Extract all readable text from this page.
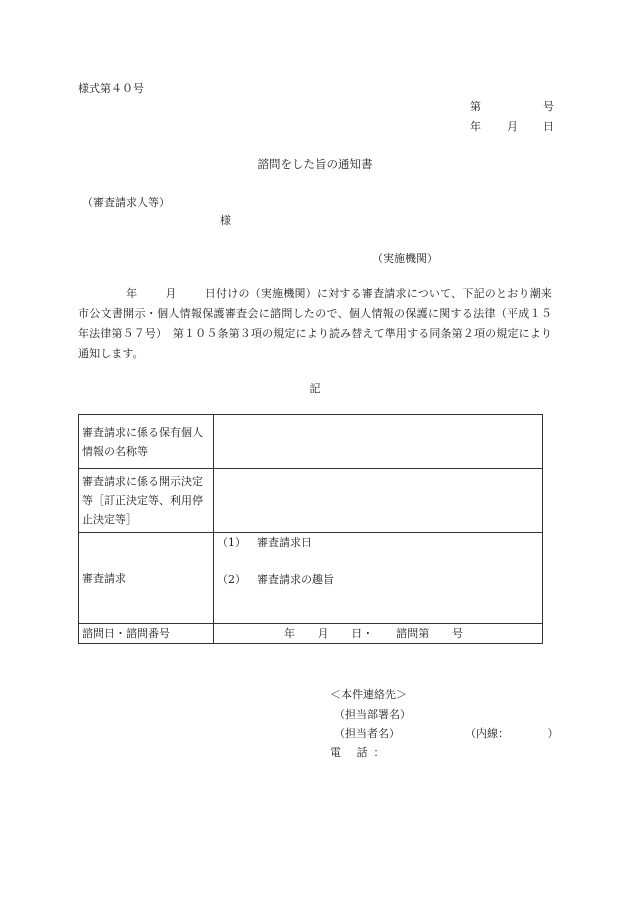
様式第４０号
第	号
年 月 日
諮問をした旨の通知書
（審査請求人等）
様
（実施機関）
年	月	日付けの（実施機関）に対する審査請求について、下記のとおり潮来市公文書開示・個人情報保護審査会に諮問したので、個人情報の保護に関する法律（平成１５年法律第５７号）　第１０５条第３項の規定により読み替えて準用する同条第２項の規定により通知します。
記
審査請求に係る保有個人情報の名称等	
審査請求に係る開示決定等［訂正決定等、利用停止決定等］	
審査請求	（1） 審査請求日
（2） 審査請求の趣旨

諮問日・諮問番号	年　　月　　日・　　諮問第　　号
＜本件連絡先＞
（担当部署名）
（担当者名）	（内線：　　　　）
電 話：
